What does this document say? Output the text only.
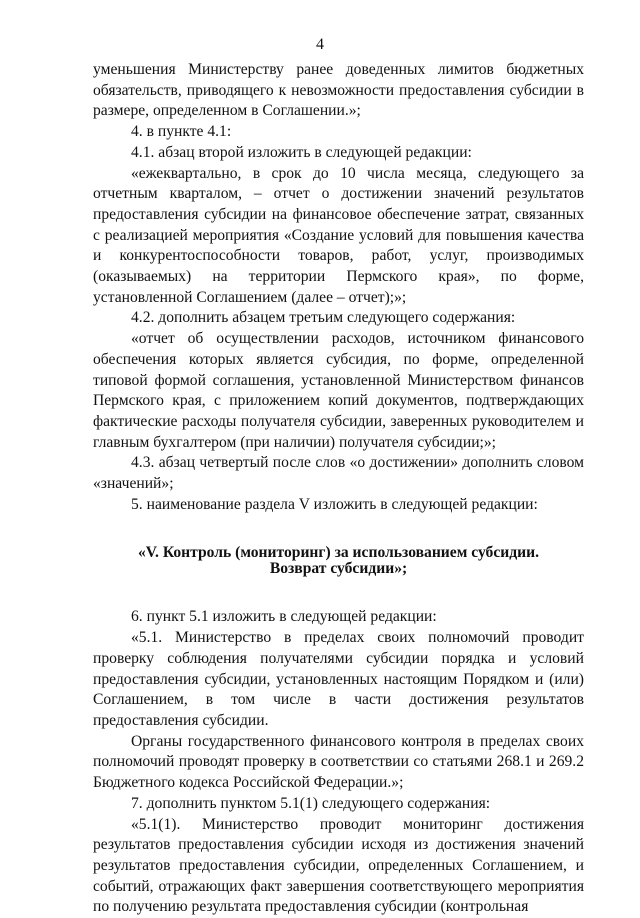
4

уменьшения Министерству ранее доведенных лимитов бюджетных обязательств, приводящего к невозможности предоставления субсидии в размере, определенном в Соглашении.»;

4. в пункте 4.1:

4.1. абзац второй изложить в следующей редакции:

«ежеквартально, в срок до 10 числа месяца, следующего за отчетным кварталом, – отчет о достижении значений результатов предоставления субсидии на финансовое обеспечение затрат, связанных с реализацией мероприятия «Создание условий для повышения качества и конкурентоспособности товаров, работ, услуг, производимых (оказываемых) на территории Пермского края», по форме, установленной Соглашением (далее – отчет);»;

4.2. дополнить абзацем третьим следующего содержания:

«отчет об осуществлении расходов, источником финансового обеспечения которых является субсидия, по форме, определенной типовой формой соглашения, установленной Министерством финансов Пермского края, с приложением копий документов, подтверждающих фактические расходы получателя субсидии, заверенных руководителем и главным бухгалтером (при наличии) получателя субсидии;»;

4.3. абзац четвертый после слов «о достижении» дополнить словом «значений»;

5. наименование раздела V изложить в следующей редакции:

«V. Контроль (мониторинг) за использованием субсидии.
Возврат субсидии»;

6. пункт 5.1 изложить в следующей редакции:

«5.1. Министерство в пределах своих полномочий проводит проверку соблюдения получателями субсидии порядка и условий предоставления субсидии, установленных настоящим Порядком и (или) Соглашением, в том числе в части достижения результатов предоставления субсидии.

Органы государственного финансового контроля в пределах своих полномочий проводят проверку в соответствии со статьями 268.1 и 269.2 Бюджетного кодекса Российской Федерации.»;

7. дополнить пунктом 5.1(1) следующего содержания:

«5.1(1). Министерство проводит мониторинг достижения результатов предоставления субсидии исходя из достижения значений результатов предоставления субсидии, определенных Соглашением, и событий, отражающих факт завершения соответствующего мероприятия по получению результата предоставления субсидии (контрольная
